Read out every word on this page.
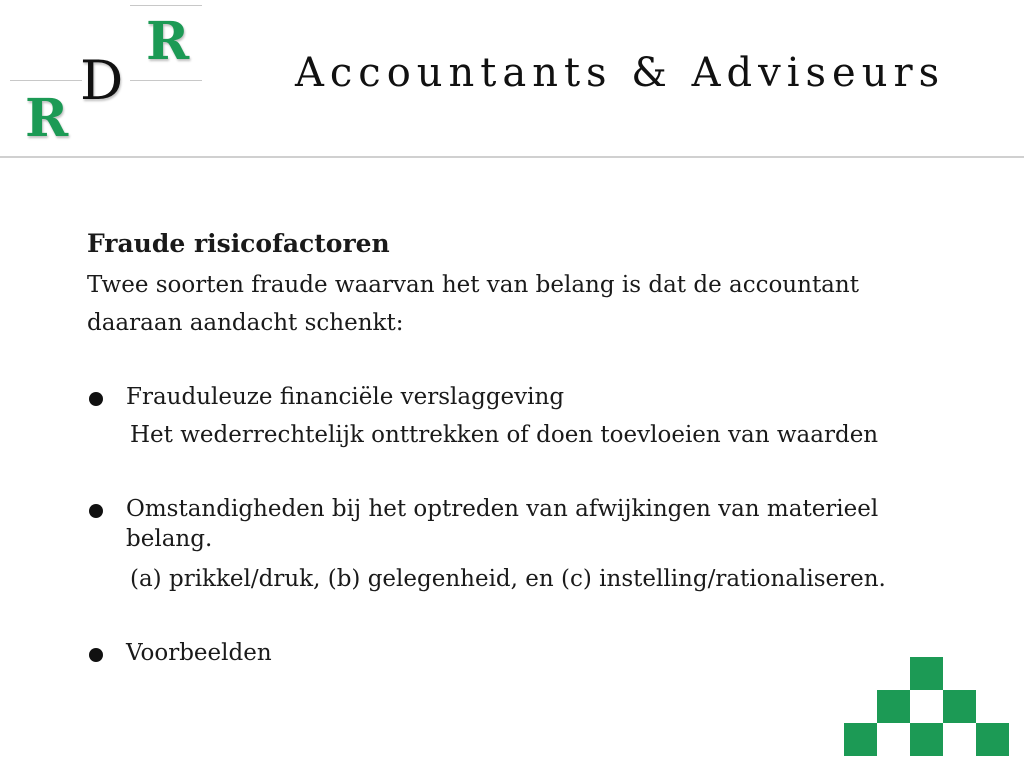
R
D
R
Accountants & Adviseurs
Fraude risicofactoren

Twee soorten fraude waarvan het van belang is dat de accountant daaraan aandacht schenkt:

Frauduleuze financiële verslaggeving
Het wederrechtelijk onttrekken of doen toevloeien van waarden
Omstandigheden bij het optreden van afwijkingen van materieel belang.
(a) prikkel/druk, (b) gelegenheid, en (c) instelling/rationaliseren.
Voorbeelden
